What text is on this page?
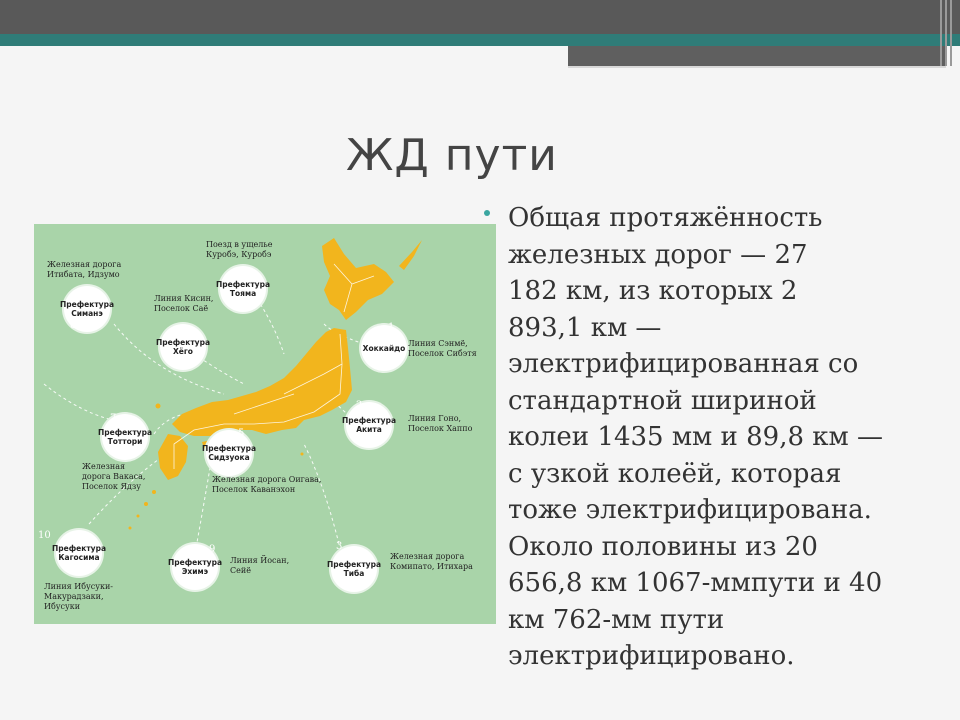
ЖД пути
Хоккайдо
1
Линия Сэнмё,
Поселок Сибэтя
Префектура
Акита
2
Линия Гоно,
Поселок Хаппо
Префектура
Тиба
3
Железная дорога
Комипато, Итихара
Префектура
Тояма
4
Поезд в ущелье
Куробэ, Куробэ
Префектура
Сидзуока
5
Железная дорога Оигава,
Поселок Каванэхон
Префектура
Хёго
6
Линия Кисин,
Поселок Саё
Префектура
Тоттори
7
Железная
дорога Вакаса,
Поселок Ядзу
Префектура
Симанэ
8
Железная дорога
Итибата, Идзумо
Префектура
Эхимэ
9
Линия Йосан,
Сейё
Префектура
Кагосима
10
Линия Ибусуки-
Макурадзаки,
Ибусуки
Общая протяжённость
железных дорог — 27
182 км, из которых 2
893,1 км —
электрифицированная со
стандартной шириной
колеи 1435 мм и 89,8 км —
с узкой колеёй, которая
тоже электрифицирована.
Около половины из 20
656,8 км 1067-ммпути и 40
км 762-мм пути
электрифицировано.
